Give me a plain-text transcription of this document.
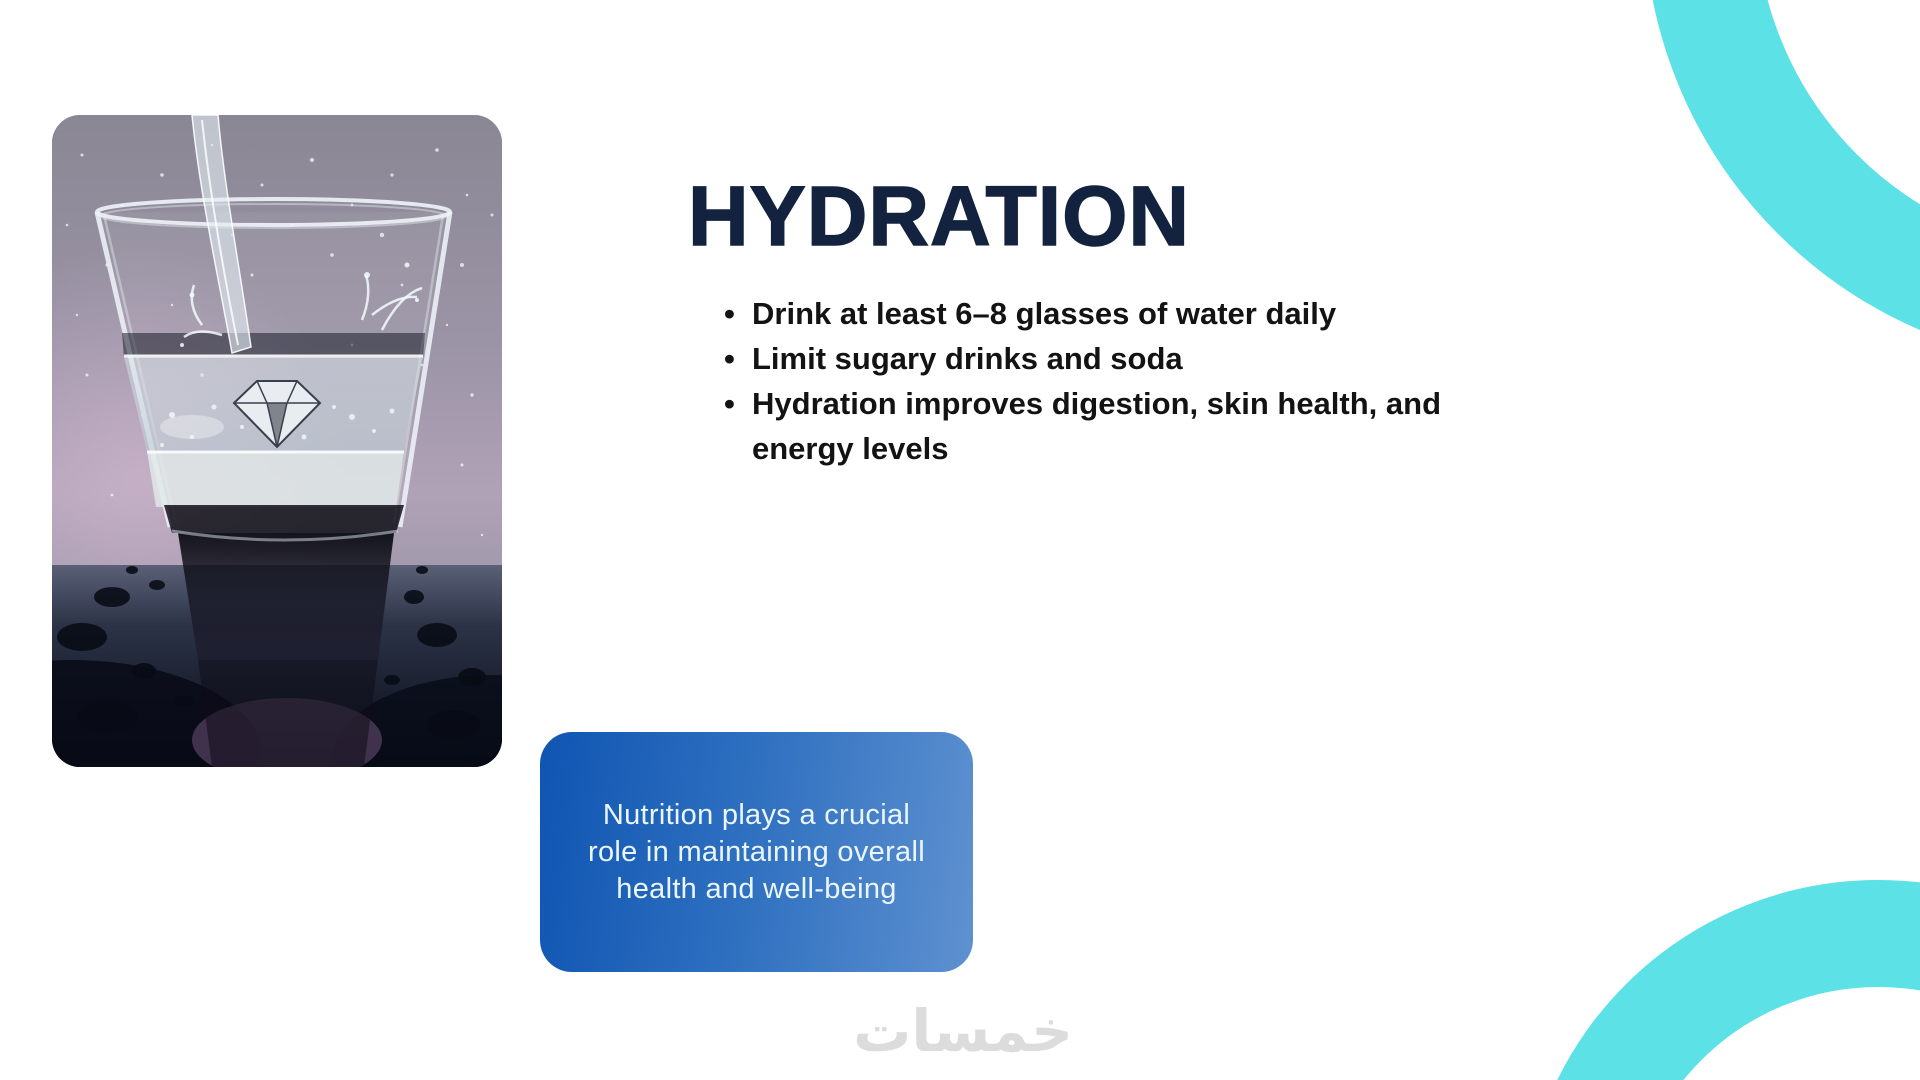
HYDRATION
• Drink at least 6–8 glasses of water daily
• Limit sugary drinks and soda
• Hydration improves digestion, skin health, and energy levels
Nutrition plays a crucial
role in maintaining overall
health and well-being
خمسات
